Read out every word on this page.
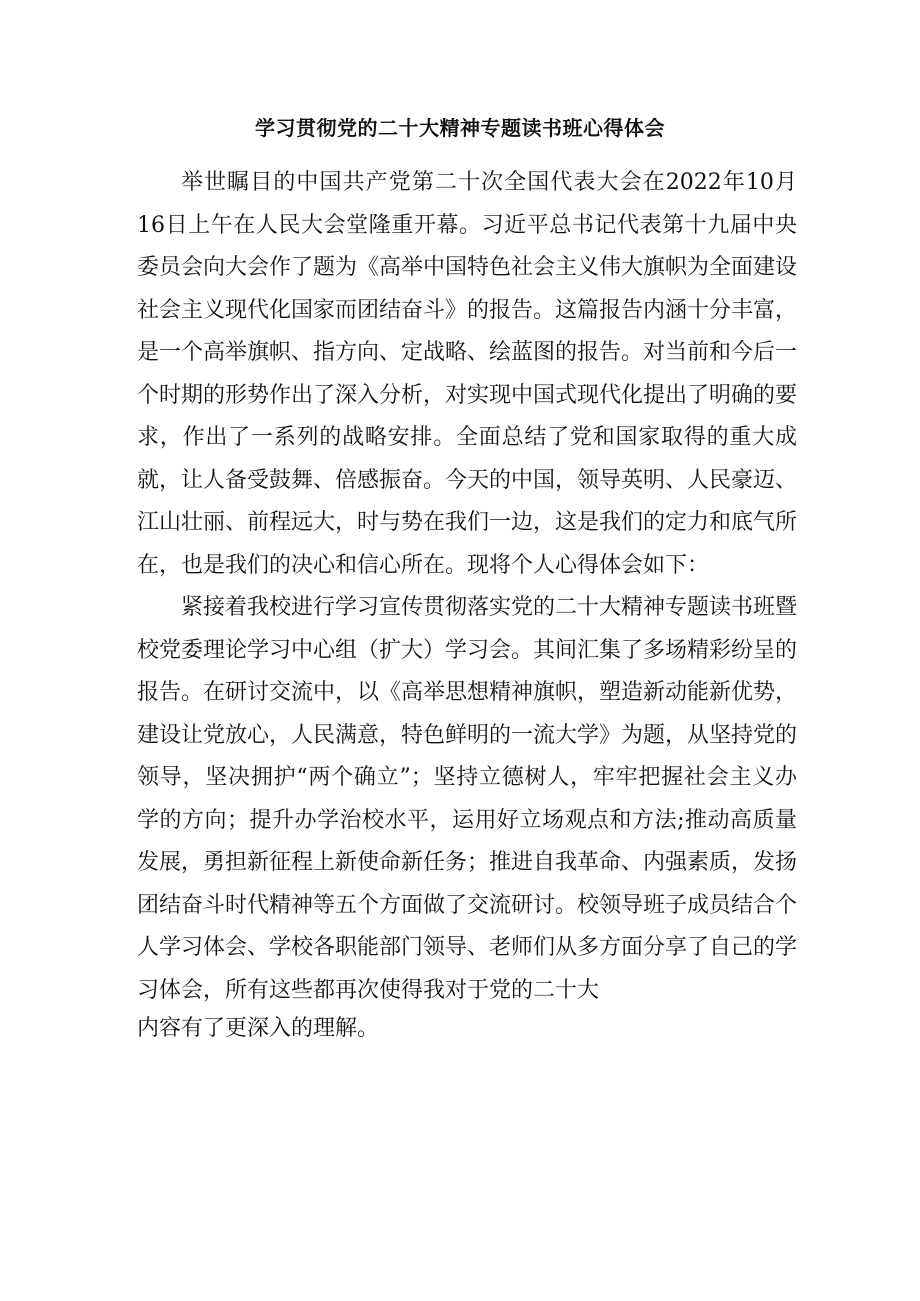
学习贯彻党的二十大精神专题读书班心得体会

举世瞩目的中国共产党第二十次全国代表大会在2022年10月16日上午在人民大会堂隆重开幕。习近平总书记代表第十九届中央委员会向大会作了题为《高举中国特色社会主义伟大旗帜为全面建设社会主义现代化国家而团结奋斗》的报告。这篇报告内涵十分丰富，是一个高举旗帜、指方向、定战略、绘蓝图的报告。对当前和今后一个时期的形势作出了深入分析，对实现中国式现代化提出了明确的要求，作出了一系列的战略安排。全面总结了党和国家取得的重大成就，让人备受鼓舞、倍感振奋。今天的中国，领导英明、人民豪迈、江山壮丽、前程远大，时与势在我们一边，这是我们的定力和底气所在，也是我们的决心和信心所在。现将个人心得体会如下：

紧接着我校进行学习宣传贯彻落实党的二十大精神专题读书班暨校党委理论学习中心组（扩大）学习会。其间汇集了多场精彩纷呈的报告。在研讨交流中，以《高举思想精神旗帜，塑造新动能新优势，建设让党放心，人民满意，特色鲜明的一流大学》为题，从坚持党的领导，坚决拥护“两个确立”；坚持立德树人，牢牢把握社会主义办学的方向；提升办学治校水平，运用好立场观点和方法;推动高质量发展，勇担新征程上新使命新任务；推进自我革命、内强素质，发扬团结奋斗时代精神等五个方面做了交流研讨。校领导班子成员结合个人学习体会、学校各职能部门领导、老师们从多方面分享了自己的学习体会，所有这些都再次使得我对于党的二十大

内容有了更深入的理解。
